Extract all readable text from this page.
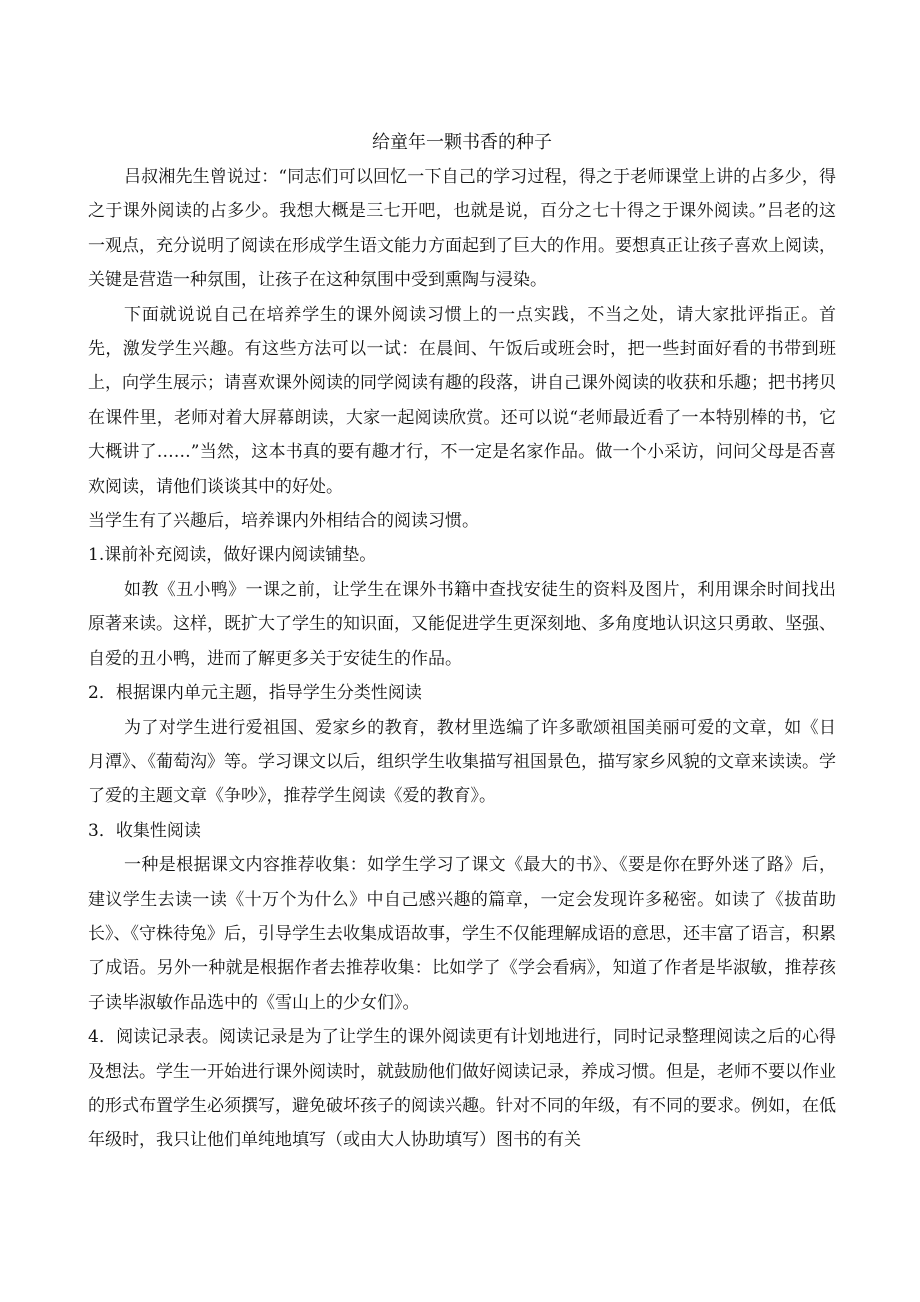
给童年一颗书香的种子

吕叔湘先生曾说过：“同志们可以回忆一下自己的学习过程，得之于老师课堂上讲的占多少，得之于课外阅读的占多少。我想大概是三七开吧，也就是说，百分之七十得之于课外阅读。”吕老的这一观点，充分说明了阅读在形成学生语文能力方面起到了巨大的作用。要想真正让孩子喜欢上阅读，关键是营造一种氛围，让孩子在这种氛围中受到熏陶与浸染。

下面就说说自己在培养学生的课外阅读习惯上的一点实践，不当之处，请大家批评指正。首先，激发学生兴趣。有这些方法可以一试：在晨间、午饭后或班会时，把一些封面好看的书带到班上，向学生展示；请喜欢课外阅读的同学阅读有趣的段落，讲自己课外阅读的收获和乐趣；把书拷贝在课件里，老师对着大屏幕朗读，大家一起阅读欣赏。还可以说“老师最近看了一本特别棒的书，它大概讲了……”当然，这本书真的要有趣才行，不一定是名家作品。做一个小采访，问问父母是否喜欢阅读，请他们谈谈其中的好处。

当学生有了兴趣后，培养课内外相结合的阅读习惯。

1.课前补充阅读，做好课内阅读铺垫。

如教《丑小鸭》一课之前，让学生在课外书籍中查找安徒生的资料及图片，利用课余时间找出原著来读。这样，既扩大了学生的知识面，又能促进学生更深刻地、多角度地认识这只勇敢、坚强、自爱的丑小鸭，进而了解更多关于安徒生的作品。

2．根据课内单元主题，指导学生分类性阅读

为了对学生进行爱祖国、爱家乡的教育，教材里选编了许多歌颂祖国美丽可爱的文章，如《日月潭》、《葡萄沟》等。学习课文以后，组织学生收集描写祖国景色，描写家乡风貌的文章来读读。学了爱的主题文章《争吵》，推荐学生阅读《爱的教育》。

3．收集性阅读

一种是根据课文内容推荐收集：如学生学习了课文《最大的书》、《要是你在野外迷了路》后，建议学生去读一读《十万个为什么》中自己感兴趣的篇章，一定会发现许多秘密。如读了《拔苗助长》、《守株待兔》后，引导学生去收集成语故事，学生不仅能理解成语的意思，还丰富了语言，积累了成语。另外一种就是根据作者去推荐收集：比如学了《学会看病》，知道了作者是毕淑敏，推荐孩子读毕淑敏作品选中的《雪山上的少女们》。

4．阅读记录表。阅读记录是为了让学生的课外阅读更有计划地进行，同时记录整理阅读之后的心得及想法。学生一开始进行课外阅读时，就鼓励他们做好阅读记录，养成习惯。但是，老师不要以作业的形式布置学生必须撰写，避免破坏孩子的阅读兴趣。针对不同的年级，有不同的要求。例如，在低年级时，我只让他们单纯地填写（或由大人协助填写）图书的有关
